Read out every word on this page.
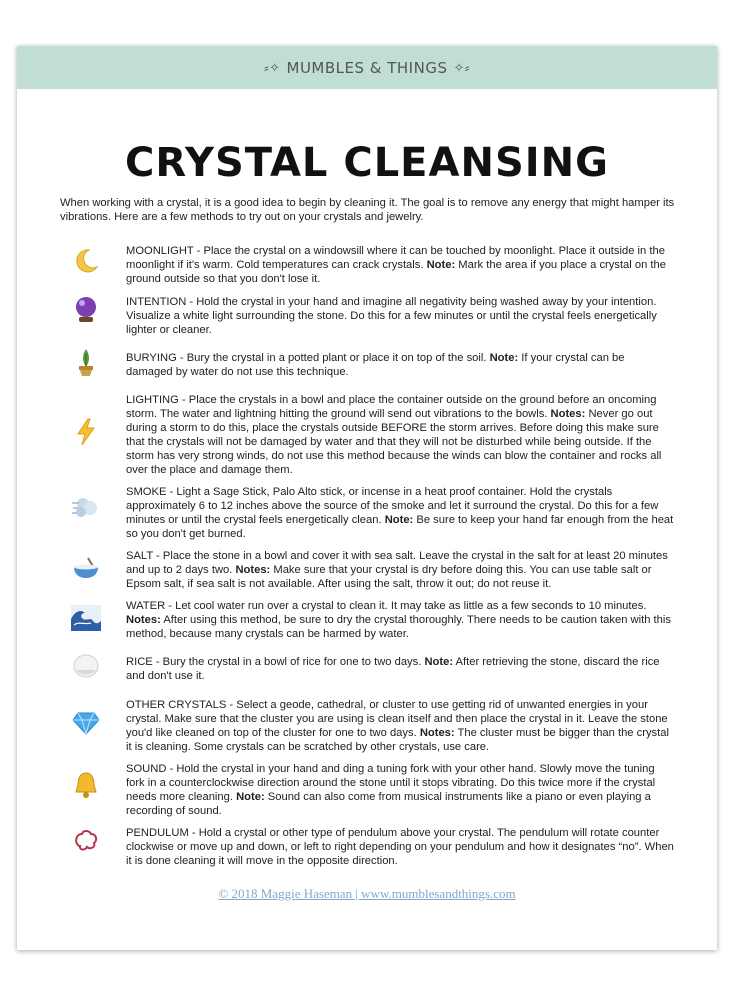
⸗✧ MUMBLES & THINGS ✧⸗
CRYSTAL CLEANSING

When working with a crystal, it is a good idea to begin by cleaning it. The goal is to remove any energy that might hamper its vibrations. Here are a few methods to try out on your crystals and jewelry.

MOONLIGHT - Place the crystal on a windowsill where it can be touched by moonlight. Place it outside in the moonlight if it's warm. Cold temperatures can crack crystals. Note: Mark the area if you place a crystal on the ground outside so that you don't lose it.
INTENTION - Hold the crystal in your hand and imagine all negativity being washed away by your intention. Visualize a white light surrounding the stone. Do this for a few minutes or until the crystal feels energetically lighter or cleaner.
BURYING - Bury the crystal in a potted plant or place it on top of the soil. Note: If your crystal can be damaged by water do not use this technique.
LIGHTING - Place the crystals in a bowl and place the container outside on the ground before an oncoming storm. The water and lightning hitting the ground will send out vibrations to the bowls. Notes: Never go out during a storm to do this, place the crystals outside BEFORE the storm arrives. Before doing this make sure that the crystals will not be damaged by water and that they will not be disturbed while being outside. If the storm has very strong winds, do not use this method because the winds can blow the container and rocks all over the place and damage them.
SMOKE - Light a Sage Stick, Palo Alto stick, or incense in a heat proof container. Hold the crystals approximately 6 to 12 inches above the source of the smoke and let it surround the crystal. Do this for a few minutes or until the crystal feels energetically clean. Note: Be sure to keep your hand far enough from the heat so you don't get burned.
SALT - Place the stone in a bowl and cover it with sea salt. Leave the crystal in the salt for at least 20 minutes and up to 2 days two. Notes: Make sure that your crystal is dry before doing this. You can use table salt or Epsom salt, if sea salt is not available. After using the salt, throw it out; do not reuse it.
WATER - Let cool water run over a crystal to clean it. It may take as little as a few seconds to 10 minutes. Notes: After using this method, be sure to dry the crystal thoroughly. There needs to be caution taken with this method, because many crystals can be harmed by water.
RICE - Bury the crystal in a bowl of rice for one to two days. Note: After retrieving the stone, discard the rice and don't use it.
OTHER CRYSTALS - Select a geode, cathedral, or cluster to use getting rid of unwanted energies in your crystal. Make sure that the cluster you are using is clean itself and then place the crystal in it. Leave the stone you'd like cleaned on top of the cluster for one to two days. Notes: The cluster must be bigger than the crystal it is cleaning. Some crystals can be scratched by other crystals, use care.
SOUND - Hold the crystal in your hand and ding a tuning fork with your other hand. Slowly move the tuning fork in a counterclockwise direction around the stone until it stops vibrating. Do this twice more if the crystal needs more cleaning. Note: Sound can also come from musical instruments like a piano or even playing a recording of sound.
PENDULUM - Hold a crystal or other type of pendulum above your crystal. The pendulum will rotate counter clockwise or move up and down, or left to right depending on your pendulum and how it designates “no”. When it is done cleaning it will move in the opposite direction.
© 2018 Maggie Haseman | www.mumblesandthings.com
